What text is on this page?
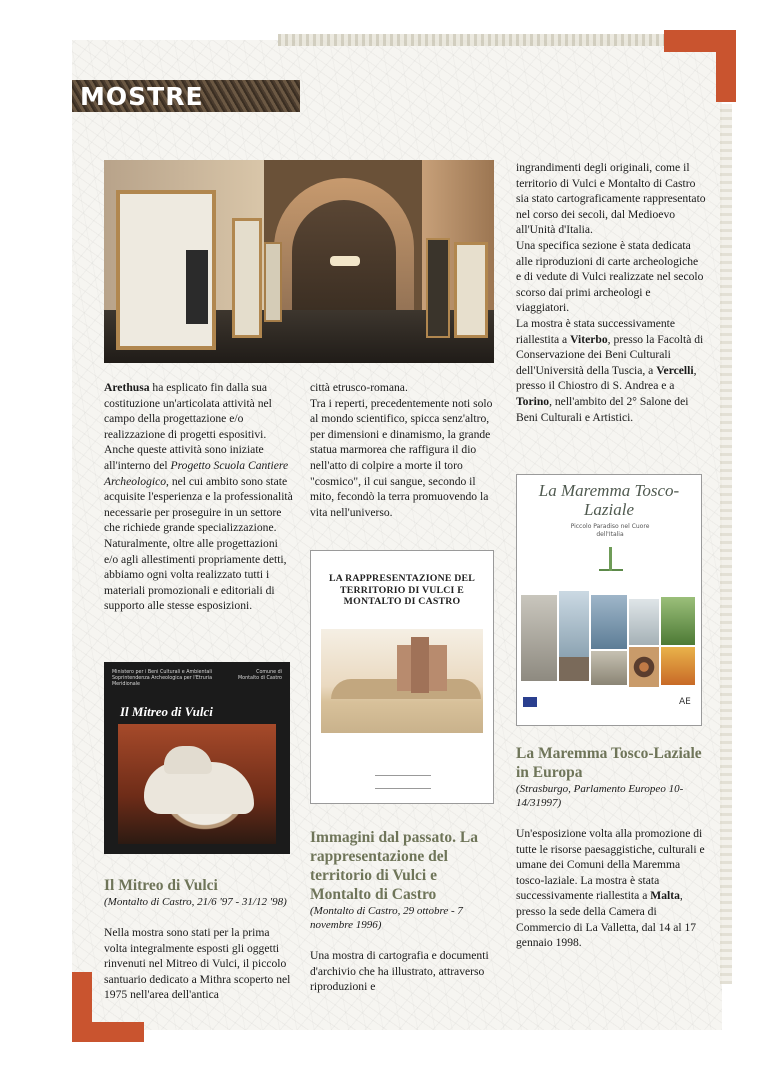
MOSTRE

Arethusa ha esplicato fin dalla sua costituzione un'articolata attività nel campo della progettazione e/o realizzazione di progetti espositivi. Anche queste attività sono iniziate all'interno del Progetto Scuola Cantiere Archeologico, nel cui ambito sono state acquisite l'esperienza e la professionalità necessarie per proseguire in un settore che richiede grande specializzazione.

Naturalmente, oltre alle progettazioni e/o agli allestimenti propriamente detti, abbiamo ogni volta realizzato tutti i materiali promozionali e editoriali di supporto alle stesse esposizioni.

Ministero per i Beni Culturali e Ambientali Soprintendenza Archeologica per l'Etruria Meridionale
Comune di Montalto di Castro
Il Mitreo di Vulci
Il Mitreo di Vulci
(Montalto di Castro, 21/6 '97 - 31/12 '98)

Nella mostra sono stati per la prima volta integralmente esposti gli oggetti rinvenuti nel Mitreo di Vulci, il piccolo santuario dedicato a Mithra scoperto nel 1975 nell'area dell'antica

città etrusco-romana.

Tra i reperti, precedentemente noti solo al mondo scientifico, spicca senz'altro, per dimensioni e dinamismo, la grande statua marmorea che raffigura il dio nell'atto di colpire a morte il toro "cosmico", il cui sangue, secondo il mito, fecondò la terra promuovendo la vita nell'universo.

LA RAPPRESENTAZIONE DEL TERRITORIO DI VULCI E MONTALTO DI CASTRO
Immagini dal passato. La rappresentazione del territorio di Vulci e Montalto di Castro
(Montalto di Castro, 29 ottobre - 7 novembre 1996)

Una mostra di cartografia e documenti d'archivio che ha illustrato, attraverso riproduzioni e

ingrandimenti degli originali, come il territorio di Vulci e Montalto di Castro sia stato cartograficamente rappresentato nel corso dei secoli, dal Medioevo all'Unità d'Italia.

Una specifica sezione è stata dedicata alle riproduzioni di carte archeologiche e di vedute di Vulci realizzate nel secolo scorso dai primi archeologi e viaggiatori.

La mostra è stata successivamente riallestita a Viterbo, presso la Facoltà di Conservazione dei Beni Culturali dell'Università della Tuscia, a Vercelli, presso il Chiostro di S. Andrea e a Torino, nell'ambito del 2° Salone dei Beni Culturali e Artistici.

La Maremma Tosco-Laziale
Piccolo Paradiso nel Cuore dell'Italia
AE
La Maremma Tosco-Laziale in Europa
(Strasburgo, Parlamento Europeo 10-14/31997)

Un'esposizione volta alla promozione di tutte le risorse paesaggistiche, culturali e umane dei Comuni della Maremma tosco-laziale. La mostra è stata successivamente riallestita a Malta, presso la sede della Camera di Commercio di La Valletta, dal 14 al 17 gennaio 1998.
